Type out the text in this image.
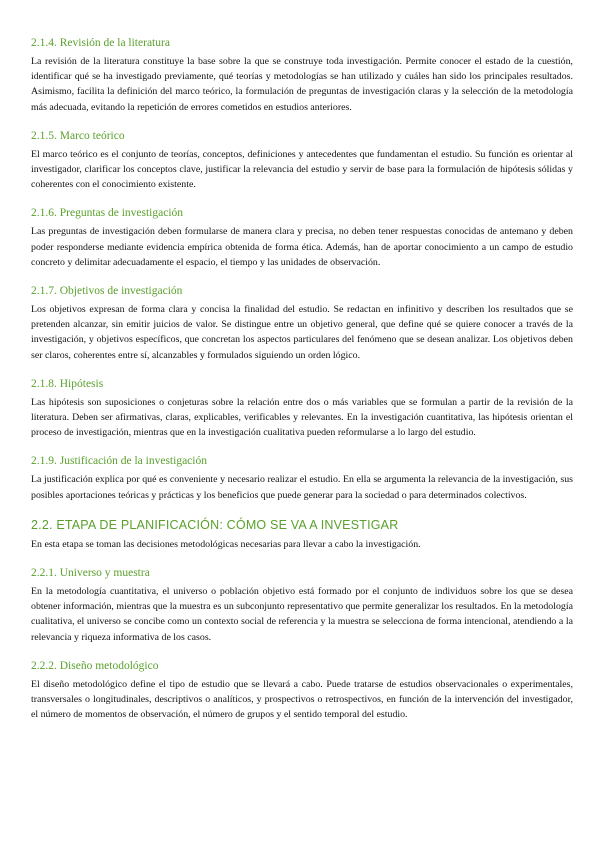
2.1.4. Revisión de la literatura

La revisión de la literatura constituye la base sobre la que se construye toda investigación. Permite conocer el estado de la cuestión, identificar qué se ha investigado previamente, qué teorías y metodologías se han utilizado y cuáles han sido los principales resultados. Asimismo, facilita la definición del marco teórico, la formulación de preguntas de investigación claras y la selección de la metodología más adecuada, evitando la repetición de errores cometidos en estudios anteriores.

2.1.5. Marco teórico

El marco teórico es el conjunto de teorías, conceptos, definiciones y antecedentes que fundamentan el estudio. Su función es orientar al investigador, clarificar los conceptos clave, justificar la relevancia del estudio y servir de base para la formulación de hipótesis sólidas y coherentes con el conocimiento existente.

2.1.6. Preguntas de investigación

Las preguntas de investigación deben formularse de manera clara y precisa, no deben tener respuestas conocidas de antemano y deben poder responderse mediante evidencia empírica obtenida de forma ética. Además, han de aportar conocimiento a un campo de estudio concreto y delimitar adecuadamente el espacio, el tiempo y las unidades de observación.

2.1.7. Objetivos de investigación

Los objetivos expresan de forma clara y concisa la finalidad del estudio. Se redactan en infinitivo y describen los resultados que se pretenden alcanzar, sin emitir juicios de valor. Se distingue entre un objetivo general, que define qué se quiere conocer a través de la investigación, y objetivos específicos, que concretan los aspectos particulares del fenómeno que se desean analizar. Los objetivos deben ser claros, coherentes entre sí, alcanzables y formulados siguiendo un orden lógico.

2.1.8. Hipótesis

Las hipótesis son suposiciones o conjeturas sobre la relación entre dos o más variables que se formulan a partir de la revisión de la literatura. Deben ser afirmativas, claras, explicables, verificables y relevantes. En la investigación cuantitativa, las hipótesis orientan el proceso de investigación, mientras que en la investigación cualitativa pueden reformularse a lo largo del estudio.

2.1.9. Justificación de la investigación

La justificación explica por qué es conveniente y necesario realizar el estudio. En ella se argumenta la relevancia de la investigación, sus posibles aportaciones teóricas y prácticas y los beneficios que puede generar para la sociedad o para determinados colectivos.

2.2. ETAPA DE PLANIFICACIÓN: CÓMO SE VA A INVESTIGAR

En esta etapa se toman las decisiones metodológicas necesarias para llevar a cabo la investigación.

2.2.1. Universo y muestra

En la metodología cuantitativa, el universo o población objetivo está formado por el conjunto de individuos sobre los que se desea obtener información, mientras que la muestra es un subconjunto representativo que permite generalizar los resultados. En la metodología cualitativa, el universo se concibe como un contexto social de referencia y la muestra se selecciona de forma intencional, atendiendo a la relevancia y riqueza informativa de los casos.

2.2.2. Diseño metodológico

El diseño metodológico define el tipo de estudio que se llevará a cabo. Puede tratarse de estudios observacionales o experimentales, transversales o longitudinales, descriptivos o analíticos, y prospectivos o retrospectivos, en función de la intervención del investigador, el número de momentos de observación, el número de grupos y el sentido temporal del estudio.
